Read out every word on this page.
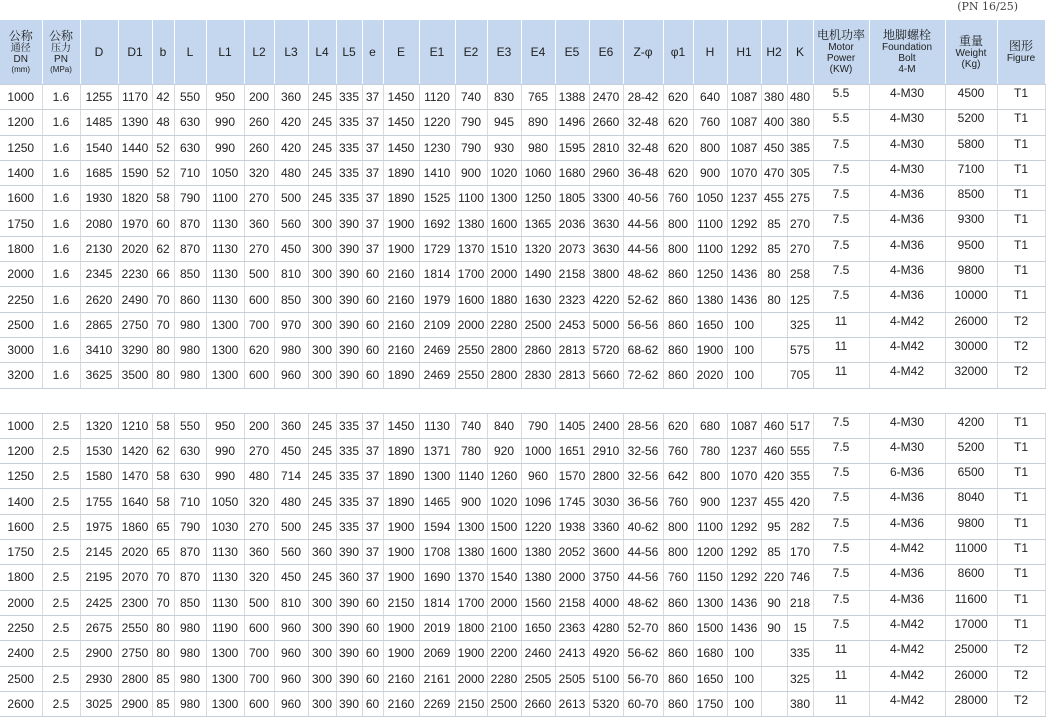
(PN 16/25)
公称
通径
DN
(mm)	公称
压力
PN
(MPa)	D	D1	b	L	L1	L2	L3	L4	L5	e	E	E1	E2	E3	E4	E5	E6	Z-φ	φ1	H	H1	H2	K	电机功率
Motor
Power
(KW)	地脚螺栓
Foundation
Bolt
4-M	重量
Weight
(Kg)	图形
Figure

1000	1.6	1255	1170	42	550	950	200	360	245	335	37	1450	1120	740	830	765	1388	2470	28-42	620	640	1087	380	480	5.5	4-M30	4500	T1
1200	1.6	1485	1390	48	630	990	260	420	245	335	37	1450	1220	790	945	890	1496	2660	32-48	620	760	1087	400	380	5.5	4-M30	5200	T1
1250	1.6	1540	1440	52	630	990	260	420	245	335	37	1450	1230	790	930	980	1595	2810	32-48	620	800	1087	450	385	7.5	4-M30	5800	T1
1400	1.6	1685	1590	52	710	1050	320	480	245	335	37	1890	1410	900	1020	1060	1680	2960	36-48	620	900	1070	470	305	7.5	4-M30	7100	T1
1600	1.6	1930	1820	58	790	1100	270	500	245	335	37	1890	1525	1100	1300	1250	1805	3300	40-56	760	1050	1237	455	275	7.5	4-M36	8500	T1
1750	1.6	2080	1970	60	870	1130	360	560	300	390	37	1900	1692	1380	1600	1365	2036	3630	44-56	800	1100	1292	85	270	7.5	4-M36	9300	T1
1800	1.6	2130	2020	62	870	1130	270	450	300	390	37	1900	1729	1370	1510	1320	2073	3630	44-56	800	1100	1292	85	270	7.5	4-M36	9500	T1
2000	1.6	2345	2230	66	850	1130	500	810	300	390	60	2160	1814	1700	2000	1490	2158	3800	48-62	860	1250	1436	80	258	7.5	4-M36	9800	T1
2250	1.6	2620	2490	70	860	1130	600	850	300	390	60	2160	1979	1600	1880	1630	2323	4220	52-62	860	1380	1436	80	125	7.5	4-M36	10000	T1
2500	1.6	2865	2750	70	980	1300	700	970	300	390	60	2160	2109	2000	2280	2500	2453	5000	56-56	860	1650	100		325	11	4-M42	26000	T2
3000	1.6	3410	3290	80	980	1300	620	980	300	390	60	2160	2469	2550	2800	2860	2813	5720	68-62	860	1900	100		575	11	4-M42	30000	T2
3200	1.6	3625	3500	80	980	1300	600	960	300	390	60	1890	2469	2550	2800	2830	2813	5660	72-62	860	2020	100		705	11	4-M42	32000	T2

1000	2.5	1320	1210	58	550	950	200	360	245	335	37	1450	1130	740	840	790	1405	2400	28-56	620	680	1087	460	517	7.5	4-M30	4200	T1
1200	2.5	1530	1420	62	630	990	270	450	245	335	37	1890	1371	780	920	1000	1651	2910	32-56	760	780	1237	460	555	7.5	4-M30	5200	T1
1250	2.5	1580	1470	58	630	990	480	714	245	335	37	1890	1300	1140	1260	960	1570	2800	32-56	642	800	1070	420	355	7.5	6-M36	6500	T1
1400	2.5	1755	1640	58	710	1050	320	480	245	335	37	1890	1465	900	1020	1096	1745	3030	36-56	760	900	1237	455	420	7.5	4-M36	8040	T1
1600	2.5	1975	1860	65	790	1030	270	500	245	335	37	1900	1594	1300	1500	1220	1938	3360	40-62	800	1100	1292	95	282	7.5	4-M36	9800	T1
1750	2.5	2145	2020	65	870	1130	360	560	360	390	37	1900	1708	1380	1600	1380	2052	3600	44-56	800	1200	1292	85	170	7.5	4-M42	11000	T1
1800	2.5	2195	2070	70	870	1130	320	450	245	360	37	1900	1690	1370	1540	1380	2000	3750	44-56	760	1150	1292	220	746	7.5	4-M36	8600	T1
2000	2.5	2425	2300	70	850	1130	500	810	300	390	60	2150	1814	1700	2000	1560	2158	4000	48-62	860	1300	1436	90	218	7.5	4-M36	11600	T1
2250	2.5	2675	2550	80	980	1190	600	960	300	390	60	1900	2019	1800	2100	1650	2363	4280	52-70	860	1500	1436	90	15	7.5	4-M42	17000	T1
2400	2.5	2900	2750	80	980	1300	700	960	300	390	60	1900	2069	1900	2200	2460	2413	4920	56-62	860	1680	100		335	11	4-M42	25000	T2
2500	2.5	2930	2800	85	980	1300	700	960	300	390	60	2160	2161	2000	2280	2505	2505	5100	56-70	860	1650	100		325	11	4-M42	26000	T2
2600	2.5	3025	2900	85	980	1300	600	960	300	390	60	2160	2269	2150	2500	2660	2613	5320	60-70	860	1750	100		380	11	4-M42	28000	T2
